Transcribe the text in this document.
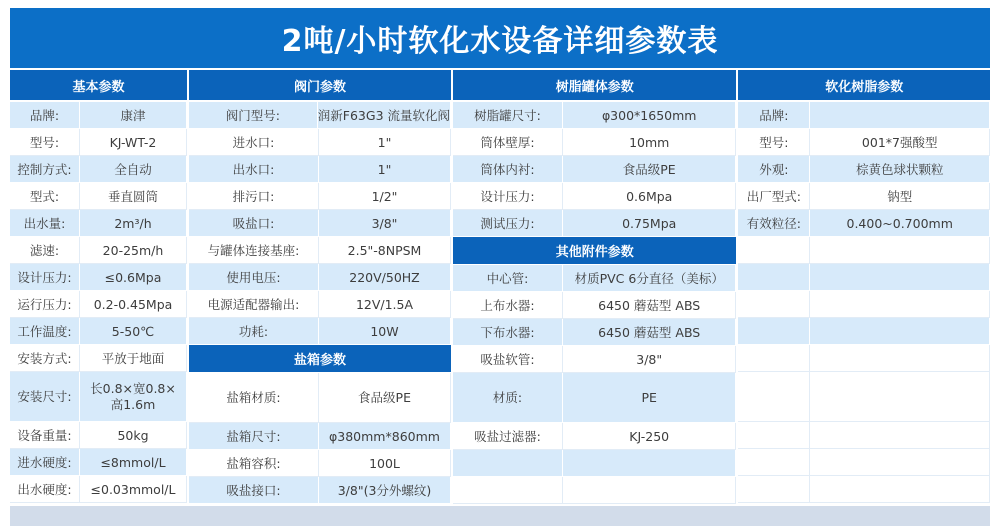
2吨/小时软化水设备详细参数表
基本参数
品牌:	康津
型号:	KJ-WT-2
控制方式:	全自动
型式:	垂直圆筒
出水量:	2m³/h
滤速:	20-25m/h
设计压力:	≤0.6Mpa
运行压力:	0.2-0.45Mpa
工作温度:	5-50℃
安装方式:	平放于地面
安装尺寸:
长0.8×宽0.8×高1.6m
设备重量:	50kg
进水硬度:	≤8mmol/L
出水硬度:	≤0.03mmol/L
阀门参数
阀门型号:	润新F63G3 流量软化阀
进水口:	1"
出水口:	1"
排污口:	1/2"
吸盐口:	3/8"
与罐体连接基座:	2.5"-8NPSM
使用电压:	220V/50HZ
电源适配器输出:	12V/1.5A
功耗:	10W
盐箱参数
盐箱材质:	食品级PE
盐箱尺寸:	φ380mm*860mm
盐箱容积:	100L
吸盐接口:	3/8"(3分外螺纹)
树脂罐体参数
树脂罐尺寸:	φ300*1650mm
筒体壁厚:	10mm
筒体内衬:	食品级PE
设计压力:	0.6Mpa
测试压力:	0.75Mpa
其他附件参数
中心管:	材质PVC 6分直径（美标）
上布水器:	6450 蘑菇型 ABS
下布水器:	6450 蘑菇型 ABS
吸盐软管:	3/8"
材质:	PE
吸盐过滤器:	KJ-250
软化树脂参数
品牌:
型号:	001*7强酸型
外观:	棕黄色球状颗粒
出厂型式:	钠型
有效粒径:	0.400~0.700mm
